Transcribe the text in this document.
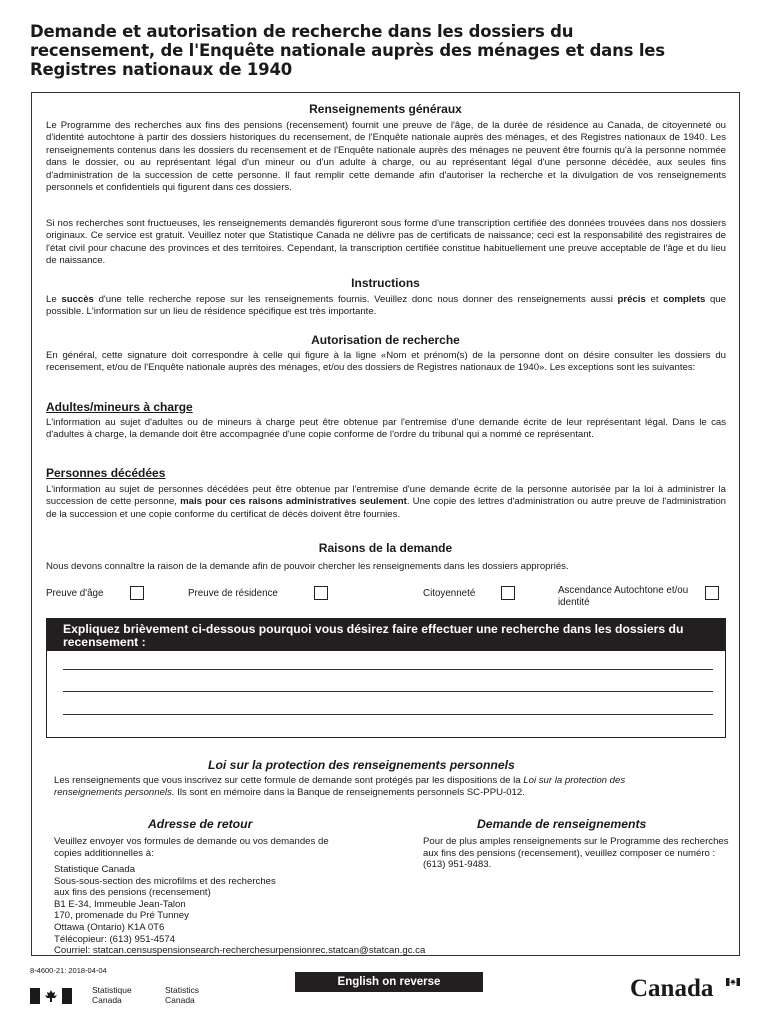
Demande et autorisation de recherche dans les dossiers du recensement, de l'Enquête nationale auprès des ménages et dans les Registres nationaux de 1940
Renseignements généraux
Le Programme des recherches aux fins des pensions (recensement) fournit une preuve de l'âge, de la durée de résidence au Canada, de citoyenneté ou d'identité autochtone à partir des dossiers historiques du recensement, de l'Enquête nationale auprès des ménages, et des Registres nationaux de 1940. Les renseignements contenus dans les dossiers du recensement et de l'Enquête nationale auprès des ménages ne peuvent être fournis qu'à la personne nommée dans le dossier, ou au représentant légal d'un mineur ou d'un adulte à charge, ou au représentant légal d'une personne décédée, aux seules fins d'administration de la succession de cette personne. Il faut remplir cette demande afin d'autoriser la recherche et la divulgation de vos renseignements personnels et confidentiels qui figurent dans ces dossiers.
Si nos recherches sont fructueuses, les renseignements demandés figureront sous forme d'une transcription certifiée des données trouvées dans nos dossiers originaux. Ce service est gratuit. Veuillez noter que Statistique Canada ne délivre pas de certificats de naissance; ceci est la responsabilité des registraires de l'état civil pour chacune des provinces et des territoires. Cependant, la transcription certifiée constitue habituellement une preuve acceptable de l'âge et du lieu de naissance.
Instructions
Le succès d'une telle recherche repose sur les renseignements fournis. Veuillez donc nous donner des renseignements aussi précis et complets que possible. L'information sur un lieu de résidence spécifique est très importante.
Autorisation de recherche
En général, cette signature doit correspondre à celle qui figure à la ligne «Nom et prénom(s) de la personne dont on désire consulter les dossiers du recensement, et/ou de l'Enquête nationale auprès des ménages, et/ou des dossiers de Registres nationaux de 1940». Les exceptions sont les suivantes:
Adultes/mineurs à charge
L'information au sujet d'adultes ou de mineurs à charge peut être obtenue par l'entremise d'une demande écrite de leur représentant légal. Dans le cas d'adultes à charge, la demande doit être accompagnée d'une copie conforme de l'ordre du tribunal qui a nommé ce représentant.
Personnes décédées
L'information au sujet de personnes décédées peut être obtenue par l'entremise d'une demande écrite de la personne autorisée par la loi à administrer la succession de cette personne, mais pour ces raisons administratives seulement. Une copie des lettres d'administration ou autre preuve de l'administration de la succession et une copie conforme du certificat de décès doivent être fournies.
Raisons de la demande
Nous devons connaître la raison de la demande afin de pouvoir chercher les renseignements dans les dossiers appropriés.
Preuve d'âge	Preuve de résidence	Citoyenneté	Ascendance Autochtone et/ou identité
Expliquez brièvement ci-dessous pourquoi vous désirez faire effectuer une recherche dans les dossiers du recensement :
Loi sur la protection des renseignements personnels
Les renseignements que vous inscrivez sur cette formule de demande sont protégés par les dispositions de la Loi sur la protection des renseignements personnels. Ils sont en mémoire dans la Banque de renseignements personnels SC-PPU-012.
Adresse de retour
Veuillez envoyer vos formules de demande ou vos demandes de copies additionnelles à:
Statistique Canada
Sous-sous-section des microfilms et des recherches
aux fins des pensions (recensement)
B1 E-34, Immeuble Jean-Talon
170, promenade du Pré Tunney
Ottawa (Ontario) K1A 0T6
Télécopieur: (613) 951-4574
Courriel: statcan.censuspensionsearch-recherchesurpensionrec.statcan@statcan.gc.ca
Demande de renseignements
Pour de plus amples renseignements sur le Programme des recherches aux fins des pensions (recensement), veuillez composer ce numéro : (613) 951-9483.
8-4600-21: 2018-04-04
Statistique
Canada
Statistics
Canada
English on reverse	Canada
